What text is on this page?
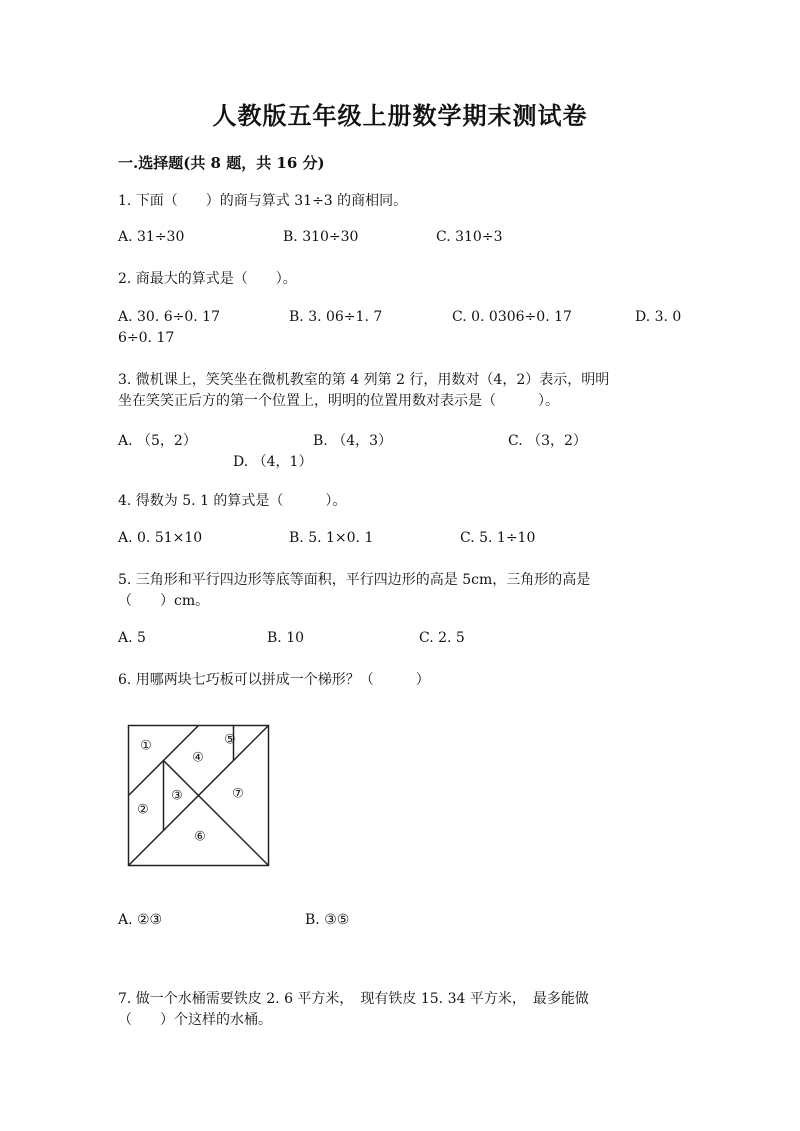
人教版五年级上册数学期末测试卷
一.选择题(共 8 题，共 16 分)
1. 下面（　　）的商与算式 31÷3 的商相同。
A. 31÷30	B. 310÷30	C. 310÷3
2. 商最大的算式是（　　）。
A. 30. 6÷0. 17	B. 3. 06÷1. 7	C. 0. 0306÷0. 17	D. 3. 0
6÷0. 17
3. 微机课上，笑笑坐在微机教室的第 4 列第 2 行，用数对（4，2）表示，明明
坐在笑笑正后方的第一个位置上，明明的位置用数对表示是（　　　）。
A. （5，2）	B. （4，3）	C. （3，2）
D. （4，1）
4. 得数为 5. 1 的算式是（　　　）。
A. 0. 51×10	B. 5. 1×0. 1	C. 5. 1÷10
5. 三角形和平行四边形等底等面积，平行四边形的高是 5cm，三角形的高是
（　　）cm。
A. 5	B. 10	C. 2. 5
6. 用哪两块七巧板可以拼成一个梯形？（　　　）
①
②
③
④
⑤
⑥
⑦
A. ②③	B. ③⑤
7. 做一个水桶需要铁皮 2. 6 平方米，　现有铁皮 15. 34 平方米，　最多能做
（　　）个这样的水桶。
